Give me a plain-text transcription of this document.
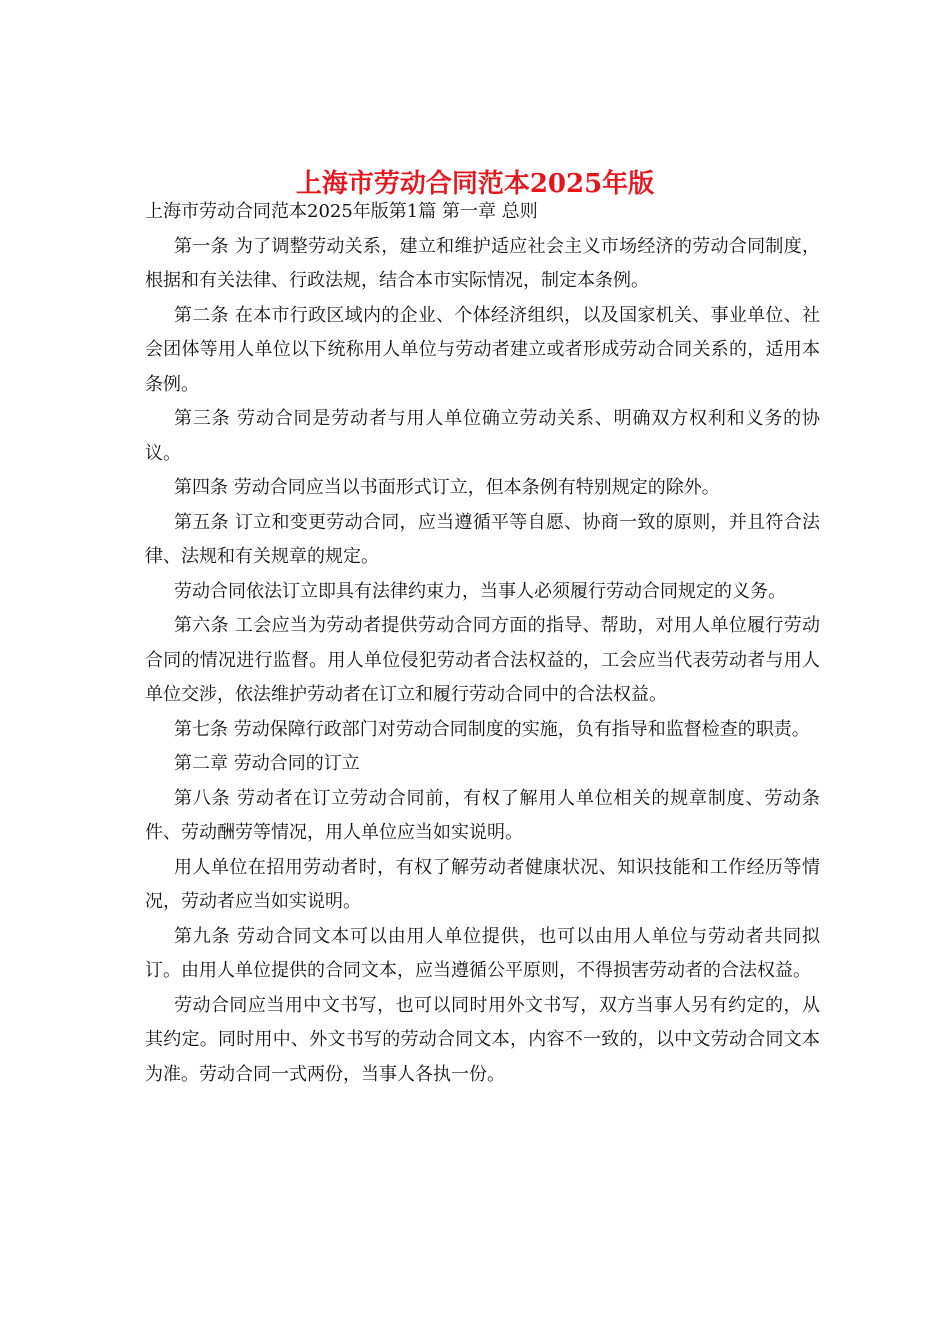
上海市劳动合同范本2025年版

上海市劳动合同范本2025年版第1篇 第一章 总则

第一条 为了调整劳动关系，建立和维护适应社会主义市场经济的劳动合同制度，根据和有关法律、行政法规，结合本市实际情况，制定本条例。

第二条 在本市行政区域内的企业、个体经济组织，以及国家机关、事业单位、社会团体等用人单位以下统称用人单位与劳动者建立或者形成劳动合同关系的，适用本条例。

第三条 劳动合同是劳动者与用人单位确立劳动关系、明确双方权利和义务的协议。

第四条 劳动合同应当以书面形式订立，但本条例有特别规定的除外。

第五条 订立和变更劳动合同，应当遵循平等自愿、协商一致的原则，并且符合法律、法规和有关规章的规定。

劳动合同依法订立即具有法律约束力，当事人必须履行劳动合同规定的义务。

第六条 工会应当为劳动者提供劳动合同方面的指导、帮助，对用人单位履行劳动合同的情况进行监督。用人单位侵犯劳动者合法权益的，工会应当代表劳动者与用人单位交涉，依法维护劳动者在订立和履行劳动合同中的合法权益。

第七条 劳动保障行政部门对劳动合同制度的实施，负有指导和监督检查的职责。

第二章 劳动合同的订立

第八条 劳动者在订立劳动合同前，有权了解用人单位相关的规章制度、劳动条件、劳动酬劳等情况，用人单位应当如实说明。

用人单位在招用劳动者时，有权了解劳动者健康状况、知识技能和工作经历等情况，劳动者应当如实说明。

第九条 劳动合同文本可以由用人单位提供，也可以由用人单位与劳动者共同拟订。由用人单位提供的合同文本，应当遵循公平原则，不得损害劳动者的合法权益。

劳动合同应当用中文书写，也可以同时用外文书写，双方当事人另有约定的，从其约定。同时用中、外文书写的劳动合同文本，内容不一致的，以中文劳动合同文本为准。劳动合同一式两份，当事人各执一份。
